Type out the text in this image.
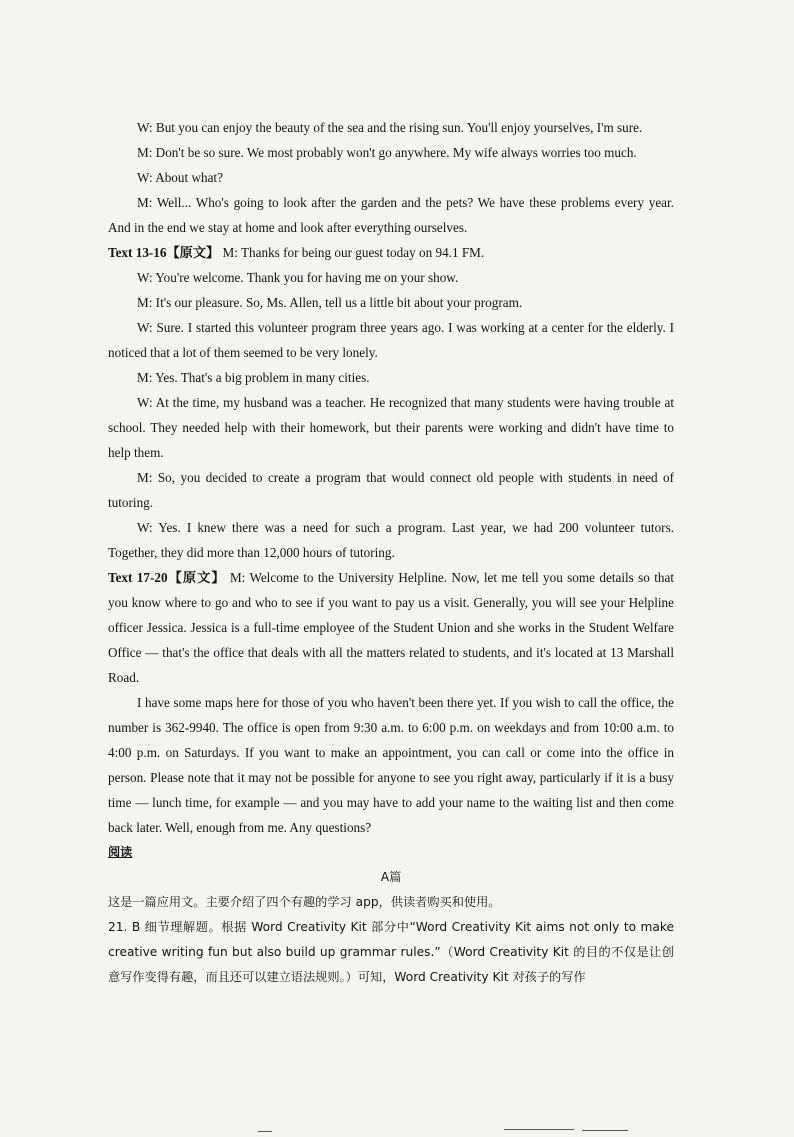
W: But you can enjoy the beauty of the sea and the rising sun. You'll enjoy yourselves, I'm sure.

M: Don't be so sure. We most probably won't go anywhere. My wife always worries too much.

W: About what?

M: Well... Who's going to look after the garden and the pets? We have these problems every year. And in the end we stay at home and look after everything ourselves.

Text 13-16【原文】 M: Thanks for being our guest today on 94.1 FM.

W: You're welcome. Thank you for having me on your show.

M: It's our pleasure. So, Ms. Allen, tell us a little bit about your program.

W: Sure. I started this volunteer program three years ago. I was working at a center for the elderly. I noticed that a lot of them seemed to be very lonely.

M: Yes. That's a big problem in many cities.

W: At the time, my husband was a teacher. He recognized that many students were having trouble at school. They needed help with their homework, but their parents were working and didn't have time to help them.

M: So, you decided to create a program that would connect old people with students in need of tutoring.

W: Yes. I knew there was a need for such a program. Last year, we had 200 volunteer tutors. Together, they did more than 12,000 hours of tutoring.

Text 17-20【原文】 M: Welcome to the University Helpline. Now, let me tell you some details so that you know where to go and who to see if you want to pay us a visit. Generally, you will see your Helpline officer Jessica. Jessica is a full-time employee of the Student Union and she works in the Student Welfare Office — that's the office that deals with all the matters related to students, and it's located at 13 Marshall Road.

I have some maps here for those of you who haven't been there yet. If you wish to call the office, the number is 362-9940. The office is open from 9:30 a.m. to 6:00 p.m. on weekdays and from 10:00 a.m. to 4:00 p.m. on Saturdays. If you want to make an appointment, you can call or come into the office in person. Please note that it may not be possible for anyone to see you right away, particularly if it is a busy time — lunch time, for example — and you may have to add your name to the waiting list and then come back later. Well, enough from me. Any questions?

阅读

A篇

这是一篇应用文。主要介绍了四个有趣的学习 app，供读者购买和使用。

21. B 细节理解题。根据 Word Creativity Kit 部分中“Word Creativity Kit aims not only to make creative writing fun but also build up grammar rules.”（Word Creativity Kit 的目的不仅是让创意写作变得有趣，而且还可以建立语法规则。）可知，Word Creativity Kit 对孩子的写作
